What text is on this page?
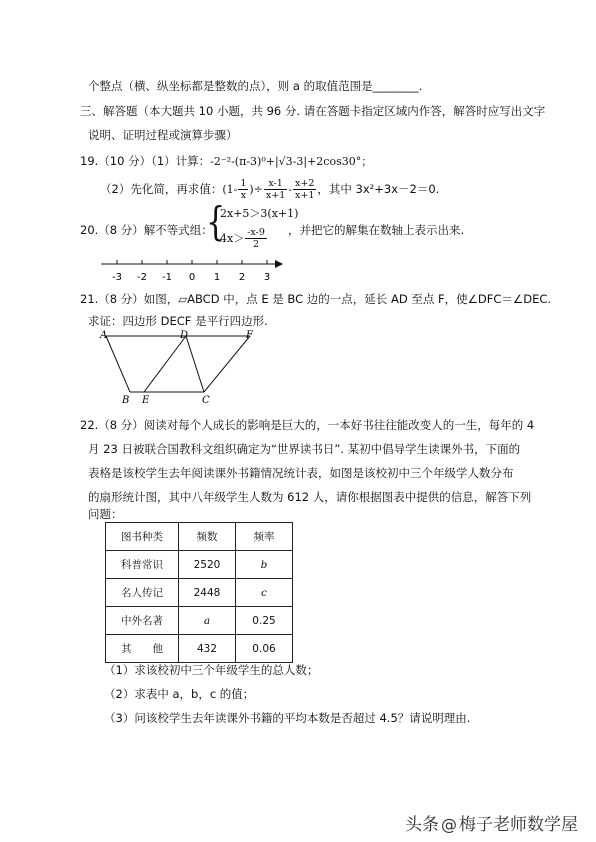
个整点（横、纵坐标都是整数的点），则 a 的取值范围是________.
三、解答题（本大题共 10 小题，共 96 分. 请在答题卡指定区域内作答，解答时应写出文字
说明、证明过程或演算步骤）
19.（10 分）（1）计算：-2⁻²-(π-3)⁰+|√3-3|+2cos30°；
（2）先化简，再求值：($1- \frac{1}{x}$ )÷ $\frac{x-1}{x+1} - \frac{x+2}{x+1}$ ，其中 3x²+3x－2＝0.
20.（8 分）解不等式组：
{
2x+5＞3(x+1)
$4x> \frac{-x-9}{2}$ ，并把它的解集在数轴上表示出来.
-3 -2 -1 0 1 2 3
21.（8 分）如图，▱ABCD 中，点 E 是 BC 边的一点，延长 AD 至点 F，使∠DFC＝∠DEC.
求证：四边形 DECF 是平行四边形.
A	D	F
B E	C
22.（8 分）阅读对每个人成长的影响是巨大的，一本好书往往能改变人的一生，每年的 4
月 23 日被联合国教科文组织确定为“世界读书日”. 某初中倡导学生读课外书，下面的
表格是该校学生去年阅读课外书籍情况统计表，如图是该校初中三个年级学人数分布
的扇形统计图，其中八年级学生人数为 612 人，请你根据图表中提供的信息，解答下列
问题：
图书种类	频数	频率
科普常识	2520	b
名人传记	2448	c
中外名著	a	0.25
其　　他	432	0.06
（1）求该校初中三个年级学生的总人数；
（2）求表中 a，b，c 的值；
（3）问该校学生去年读课外书籍的平均本数是否超过 4.5？请说明理由.
头条 @ 梅子老师数学屋
